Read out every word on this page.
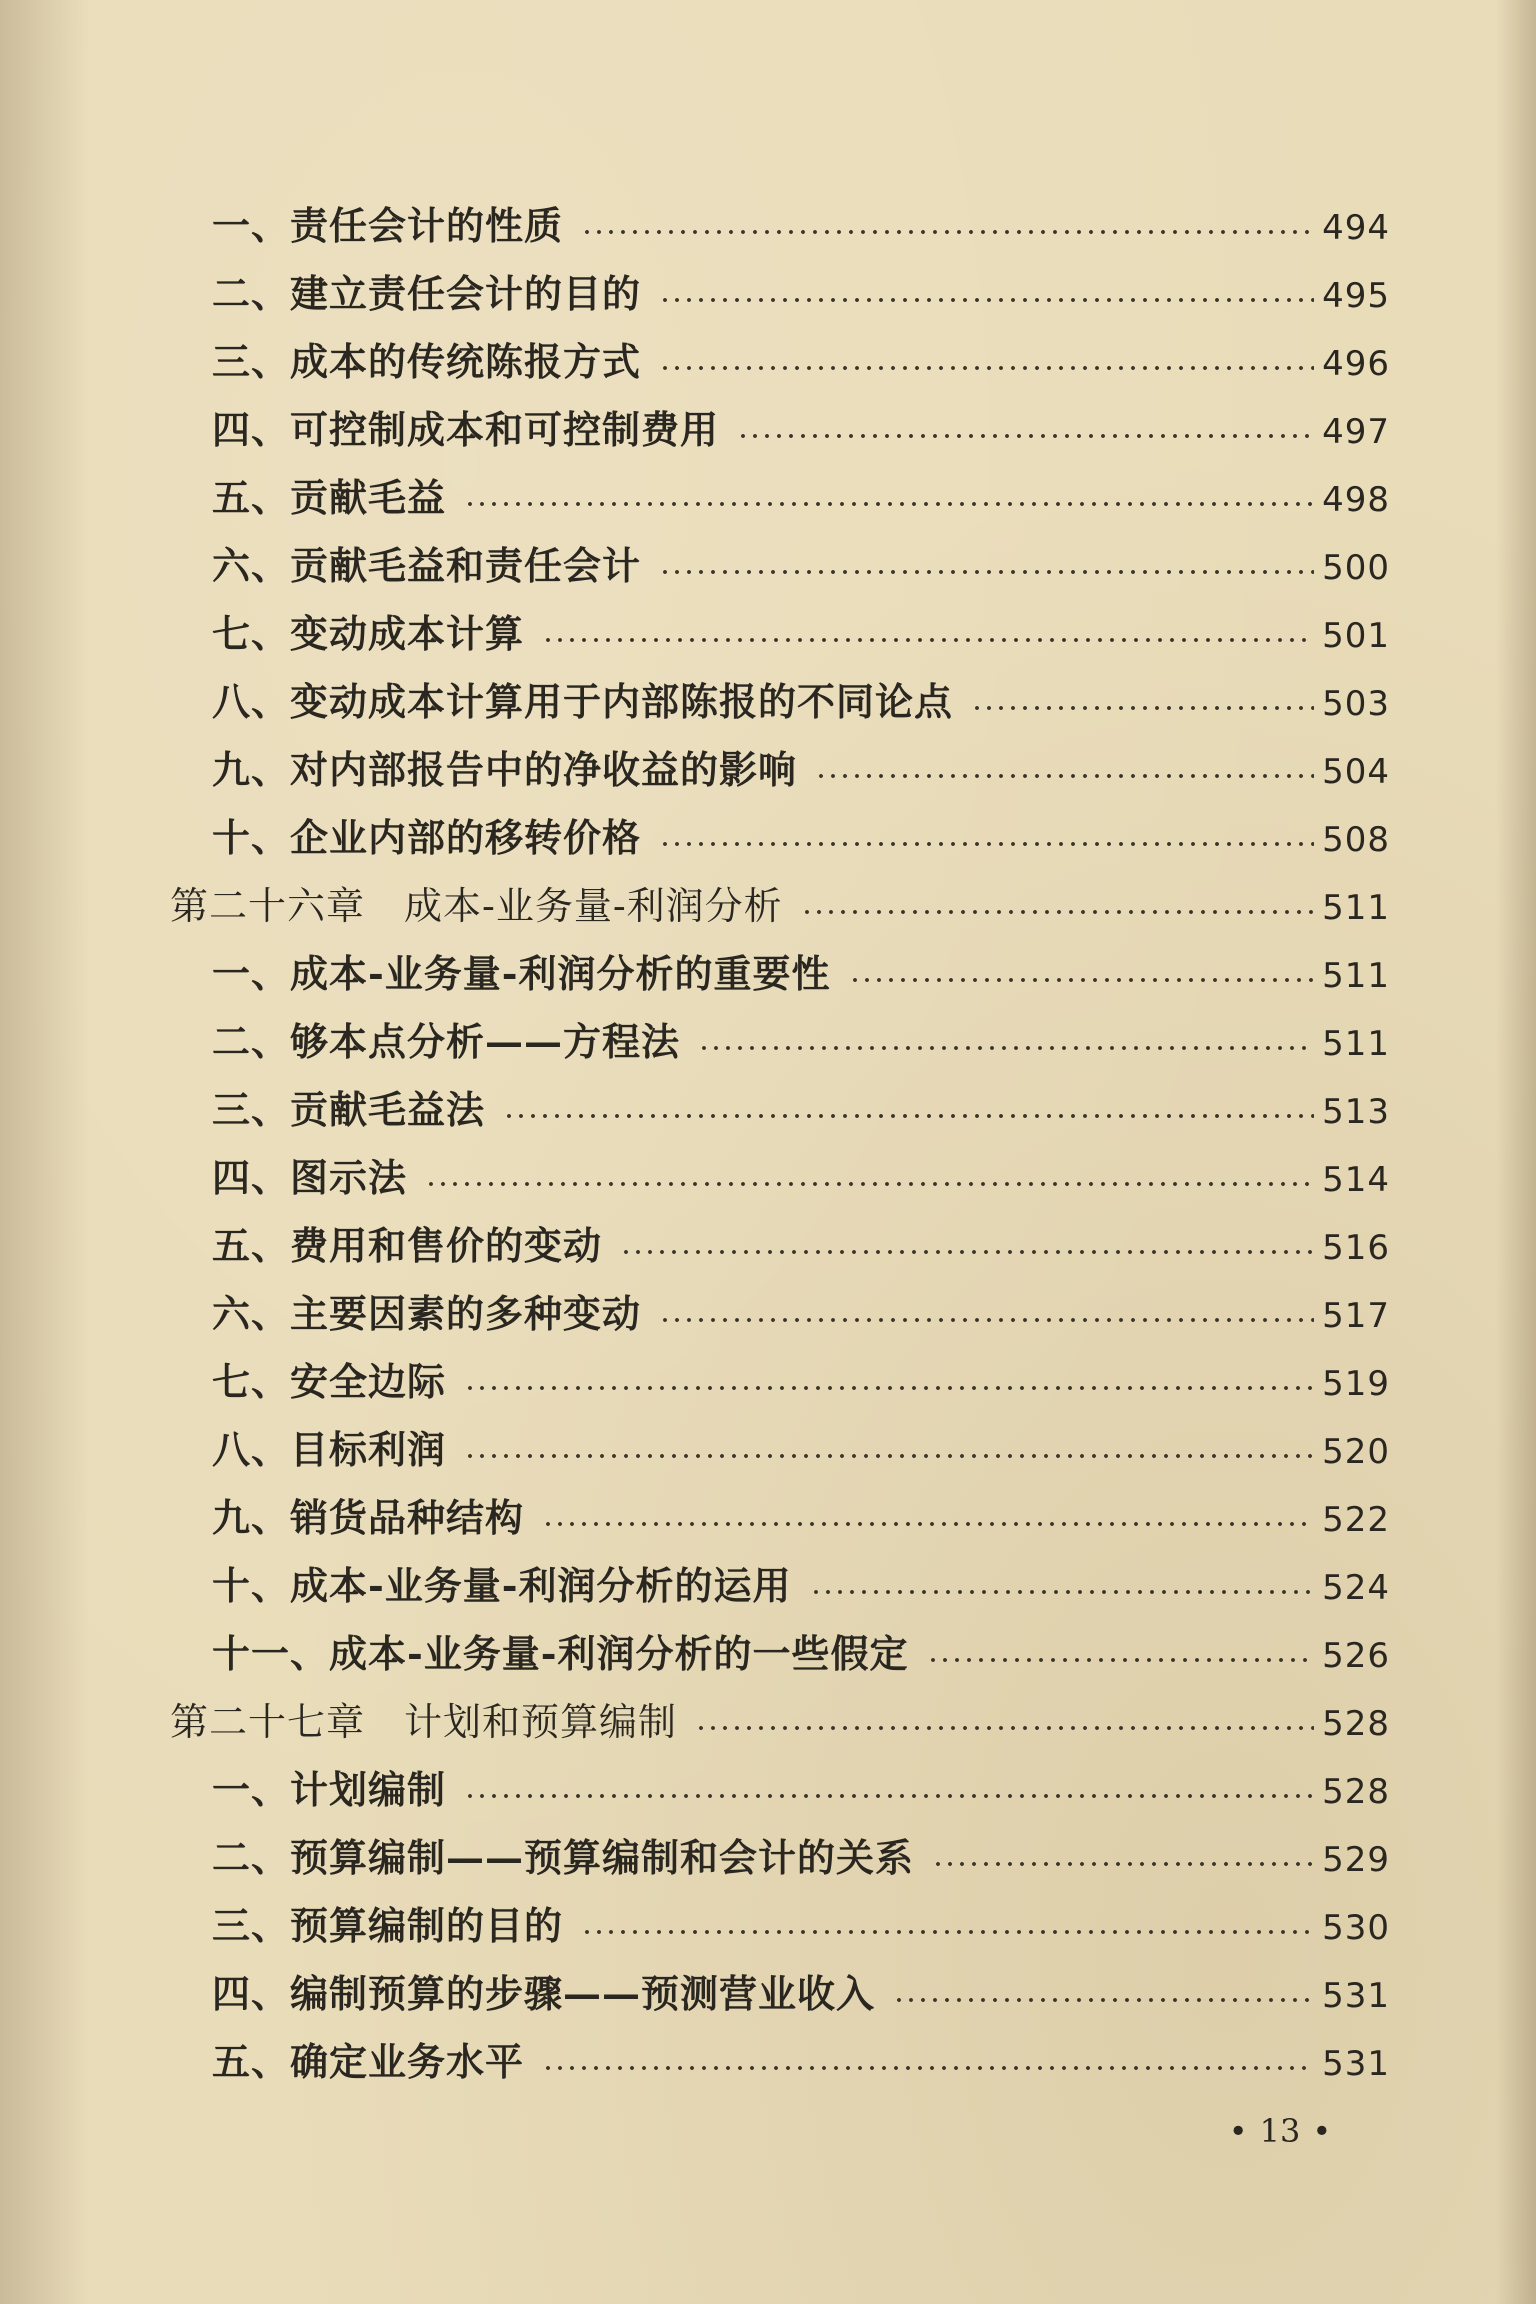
一、责任会计的性质	494
二、建立责任会计的目的	495
三、成本的传统陈报方式	496
四、可控制成本和可控制费用	497
五、贡献毛益	498
六、贡献毛益和责任会计	500
七、变动成本计算	501
八、变动成本计算用于内部陈报的不同论点	503
九、对内部报告中的净收益的影响	504
十、企业内部的移转价格	508
第二十六章　成本-业务量-利润分析	511
一、成本-业务量-利润分析的重要性	511
二、够本点分析——方程法	511
三、贡献毛益法	513
四、图示法	514
五、费用和售价的变动	516
六、主要因素的多种变动	517
七、安全边际	519
八、目标利润	520
九、销货品种结构	522
十、成本-业务量-利润分析的运用	524
十一、成本-业务量-利润分析的一些假定	526
第二十七章　计划和预算编制	528
一、计划编制	528
二、预算编制——预算编制和会计的关系	529
三、预算编制的目的	530
四、编制预算的步骤——预测营业收入	531
五、确定业务水平	531
• 13 •
